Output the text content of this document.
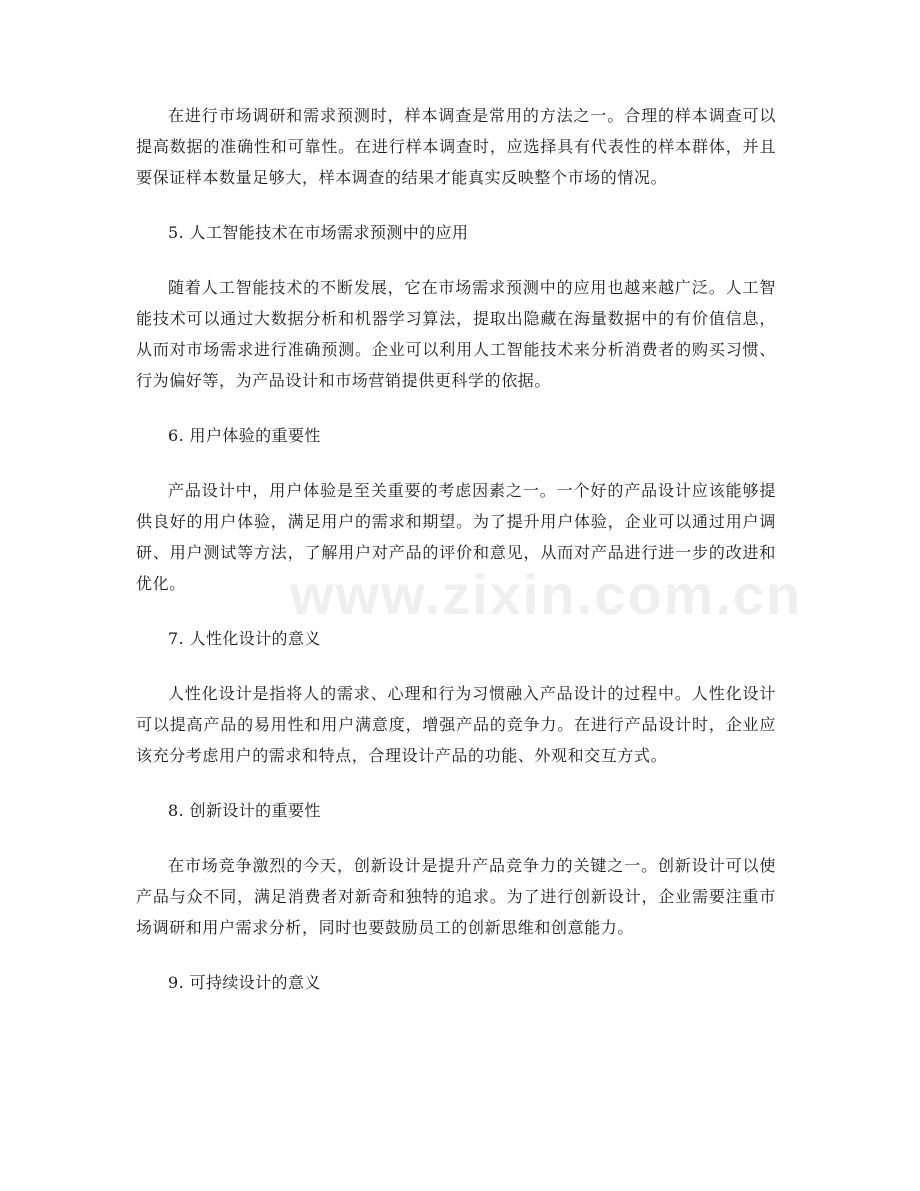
在进行市场调研和需求预测时，样本调查是常用的方法之一。合理的样本调查可以提高数据的准确性和可靠性。在进行样本调查时，应选择具有代表性的样本群体，并且要保证样本数量足够大，样本调查的结果才能真实反映整个市场的情况。

5. 人工智能技术在市场需求预测中的应用

随着人工智能技术的不断发展，它在市场需求预测中的应用也越来越广泛。人工智能技术可以通过大数据分析和机器学习算法，提取出隐藏在海量数据中的有价值信息，从而对市场需求进行准确预测。企业可以利用人工智能技术来分析消费者的购买习惯、行为偏好等，为产品设计和市场营销提供更科学的依据。

6. 用户体验的重要性

产品设计中，用户体验是至关重要的考虑因素之一。一个好的产品设计应该能够提供良好的用户体验，满足用户的需求和期望。为了提升用户体验，企业可以通过用户调研、用户测试等方法，了解用户对产品的评价和意见，从而对产品进行进一步的改进和优化。

7. 人性化设计的意义

人性化设计是指将人的需求、心理和行为习惯融入产品设计的过程中。人性化设计可以提高产品的易用性和用户满意度，增强产品的竞争力。在进行产品设计时，企业应该充分考虑用户的需求和特点，合理设计产品的功能、外观和交互方式。

8. 创新设计的重要性

在市场竞争激烈的今天，创新设计是提升产品竞争力的关键之一。创新设计可以使产品与众不同，满足消费者对新奇和独特的追求。为了进行创新设计，企业需要注重市场调研和用户需求分析，同时也要鼓励员工的创新思维和创意能力。

9. 可持续设计的意义

www.zixin.com.cn
